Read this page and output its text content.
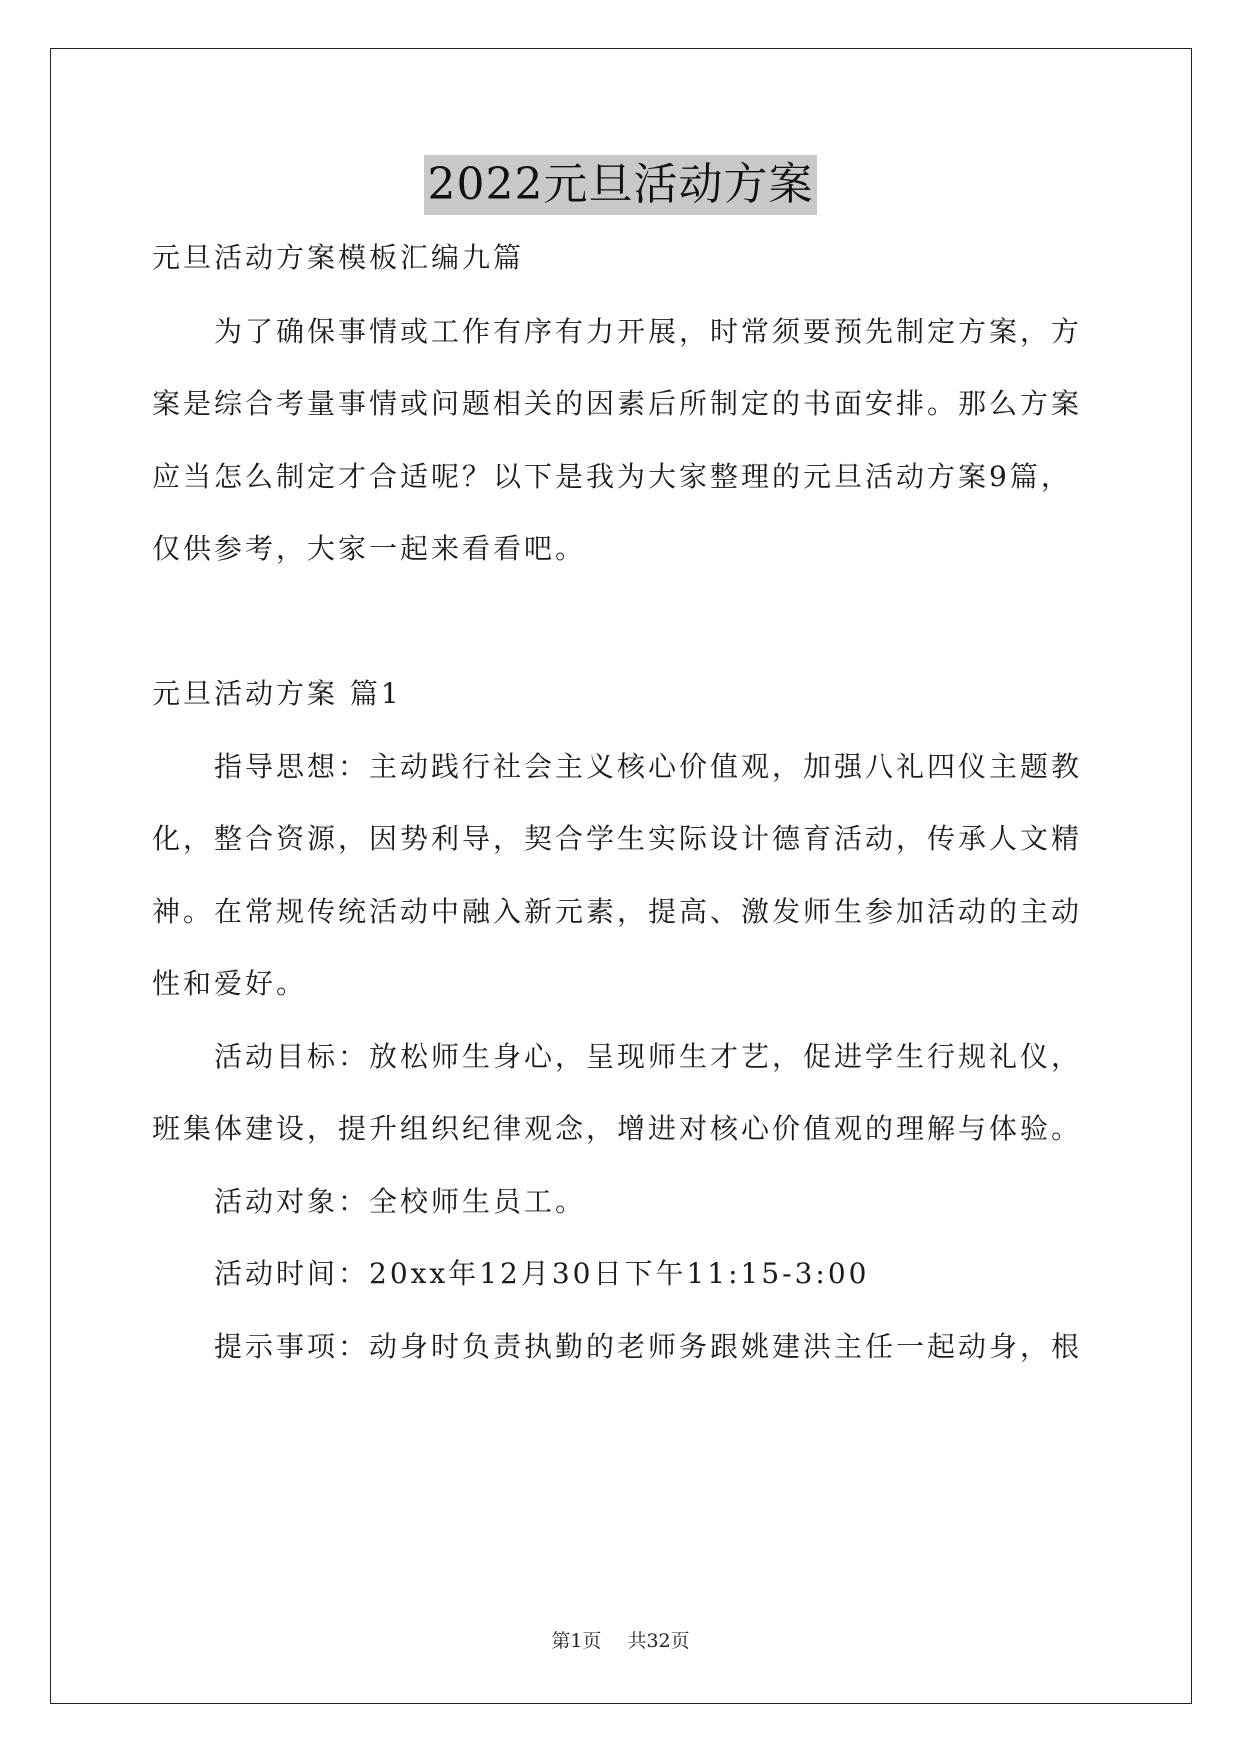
2022元旦活动方案
元旦活动方案模板汇编九篇
为了确保事情或工作有序有力开展，时常须要预先制定方案，方
案是综合考量事情或问题相关的因素后所制定的书面安排。那么方案
应当怎么制定才合适呢？以下是我为大家整理的元旦活动方案9篇，
仅供参考，大家一起来看看吧。
元旦活动方案 篇1
指导思想：主动践行社会主义核心价值观，加强八礼四仪主题教
化，整合资源，因势利导，契合学生实际设计德育活动，传承人文精
神。在常规传统活动中融入新元素，提高、激发师生参加活动的主动
性和爱好。
活动目标：放松师生身心，呈现师生才艺，促进学生行规礼仪，
班集体建设，提升组织纪律观念，增进对核心价值观的理解与体验。
活动对象：全校师生员工。
活动时间：20xx年12月30日下午11:15-3:00
提示事项：动身时负责执勤的老师务跟姚建洪主任一起动身，根
第1页 共32页
